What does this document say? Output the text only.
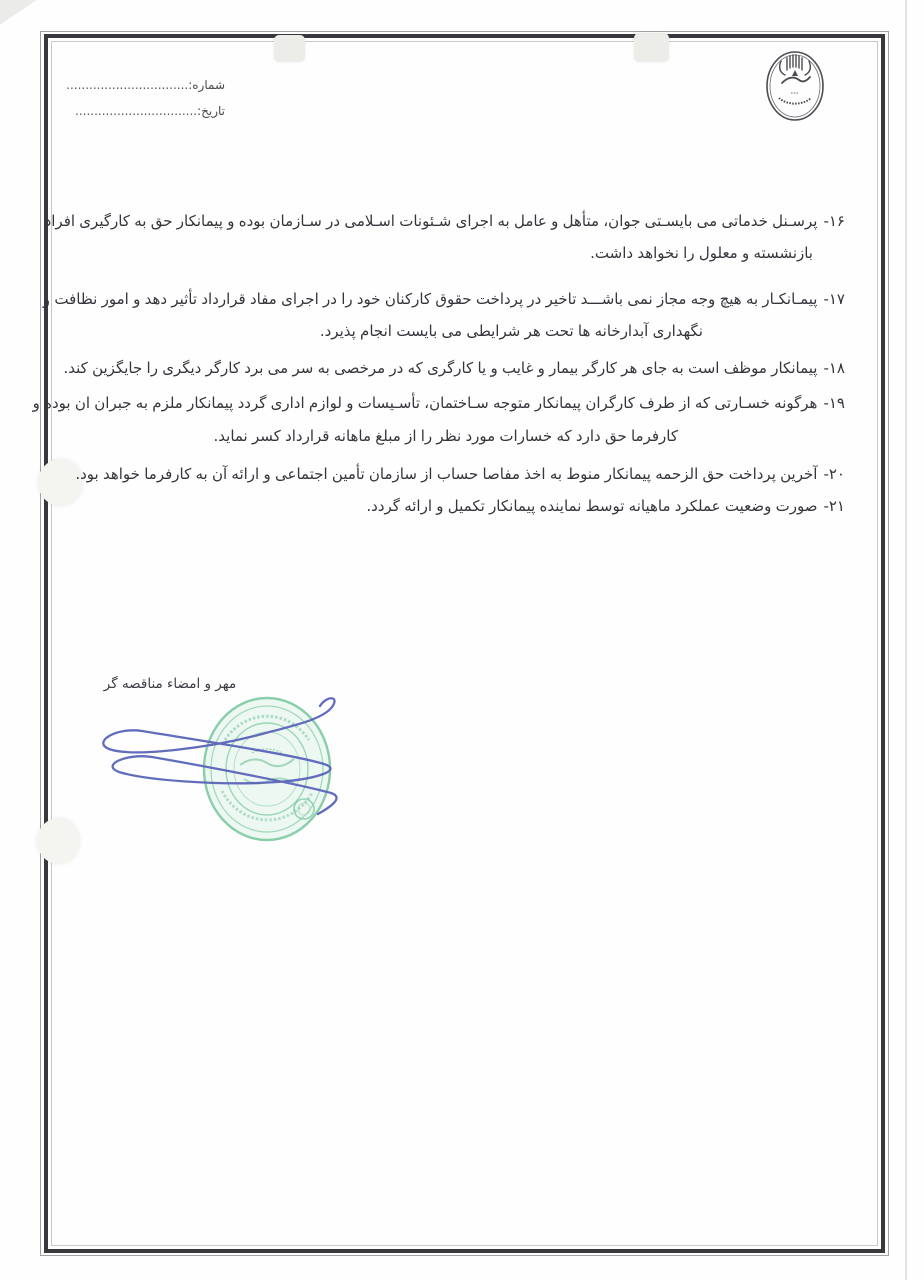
شماره:................................
تاریخ:................................
۱۶-پرسـنل خدماتی می بایسـتی جوان، متأهل و عامل به اجرای شـئونات اسـلامی در سـازمان بوده و پیمانکار حق به کارگیری افراد
بازنشسته و معلول را نخواهد داشت.
۱۷-پیمـانکـار به هیچ وجه مجاز نمی باشـــد تاخیر در پرداخت حقوق کارکنان خود را در اجرای مفاد قرارداد تأثیر دهد و امور نظافت و
نگهداری آبدارخانه ها تحت هر شرایطی می بایست انجام پذیرد.
۱۸-پیمانکار موظف است به جای هر کارگر بیمار و غایب و یا کارگری که در مرخصی به سر می برد کارگر دیگری را جایگزین کند.
۱۹-هرگونه خسـارتی که از طرف کارگران پیمانکار متوجه سـاختمان، تأسـیسات و لوازم اداری گردد پیمانکار ملزم به جبران ان بوده و
کارفرما حق دارد که خسارات مورد نظر را از مبلغ ماهانه قرارداد کسر نماید.
۲۰-آخرین پرداخت حق الزحمه پیمانکار منوط به اخذ مفاصا حساب از سازمان تأمین اجتماعی و ارائه آن به کارفرما خواهد بود.
۲۱-صورت وضعیت عملکرد ماهیانه توسط نماینده پیمانکار تکمیل و ارائه گردد.
مهر و امضاء مناقصه گر
